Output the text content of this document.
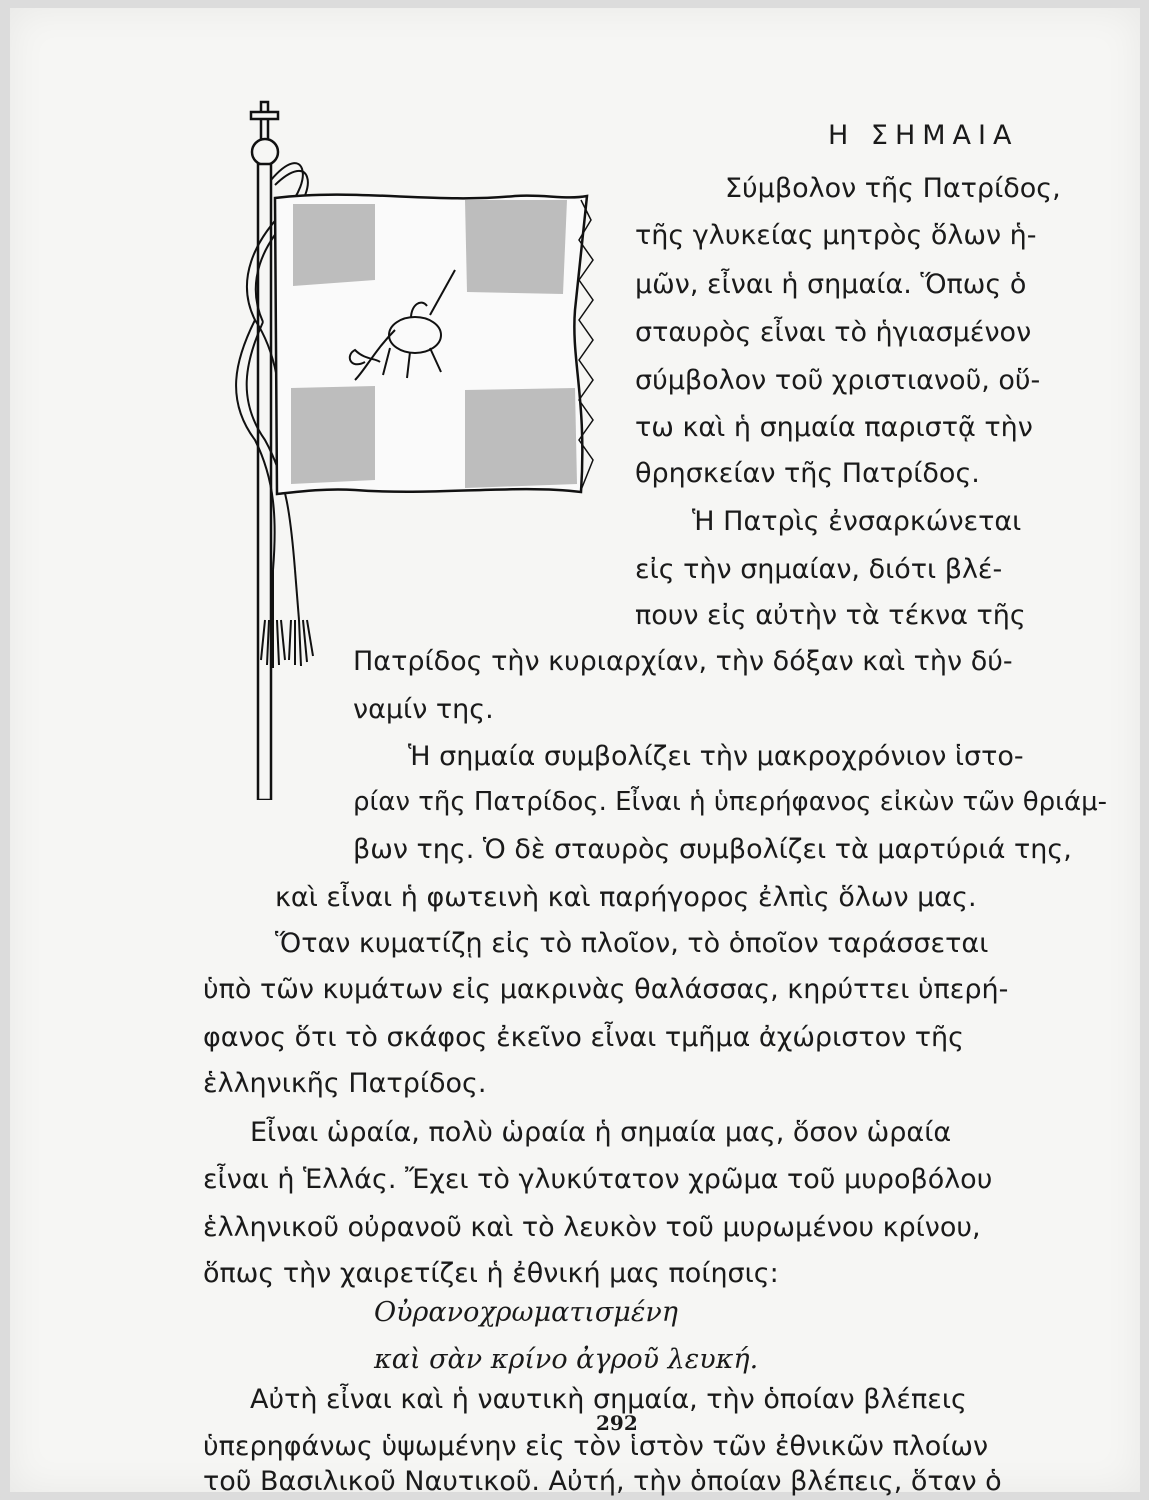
Η ΣΗΜΑΙΑ

Σύμβολον τῆς Πατρίδος,

τῆς γλυκείας μητρὸς ὅλων ἡ-

μῶν, εἶναι ἡ σημαία. Ὅπως ὁ

σταυρὸς εἶναι τὸ ἡγιασμένον

σύμβολον τοῦ χριστιανοῦ, οὕ-

τω καὶ ἡ σημαία παριστᾷ τὴν

θρησκείαν τῆς Πατρίδος.

Ἡ Πατρὶς ἐνσαρκώνεται

εἰς τὴν σημαίαν, διότι βλέ-

πουν εἰς αὐτὴν τὰ τέκνα τῆς

Πατρίδος τὴν κυριαρχίαν, τὴν δόξαν καὶ τὴν δύ-

ναμίν της.

Ἡ σημαία συμβολίζει τὴν μακροχρόνιον ἱστο-

ρίαν τῆς Πατρίδος. Εἶναι ἡ ὑπερήφανος εἰκὼν τῶν θριάμ-

βων της. Ὁ δὲ σταυρὸς συμβολίζει τὰ μαρτύριά της,

καὶ εἶναι ἡ φωτεινὴ καὶ παρήγορος ἐλπὶς ὅλων μας.

Ὅταν κυματίζῃ εἰς τὸ πλοῖον, τὸ ὁποῖον ταράσσεται

ὑπὸ τῶν κυμάτων εἰς μακρινὰς θαλάσσας, κηρύττει ὑπερή-

φανος ὅτι τὸ σκάφος ἐκεῖνο εἶναι τμῆμα ἀχώριστον τῆς

ἑλληνικῆς Πατρίδος.

Εἶναι ὡραία, πολὺ ὡραία ἡ σημαία μας, ὅσον ὡραία

εἶναι ἡ Ἑλλάς. Ἔχει τὸ γλυκύτατον χρῶμα τοῦ μυροβόλου

ἑλληνικοῦ οὐρανοῦ καὶ τὸ λευκὸν τοῦ μυρωμένου κρίνου,

ὅπως τὴν χαιρετίζει ἡ ἐθνική μας ποίησις:

Οὐρανοχρωματισμένη

καὶ σὰν κρίνο ἀγροῦ λευκή.

Αὐτὴ εἶναι καὶ ἡ ναυτικὴ σημαία, τὴν ὁποίαν βλέπεις

ὑπερηφάνως ὑψωμένην εἰς τὸν ἱστὸν τῶν ἐθνικῶν πλοίων

τοῦ Βασιλικοῦ Ναυτικοῦ. Αὐτή, τὴν ὁποίαν βλέπεις, ὅταν ὁ

292
